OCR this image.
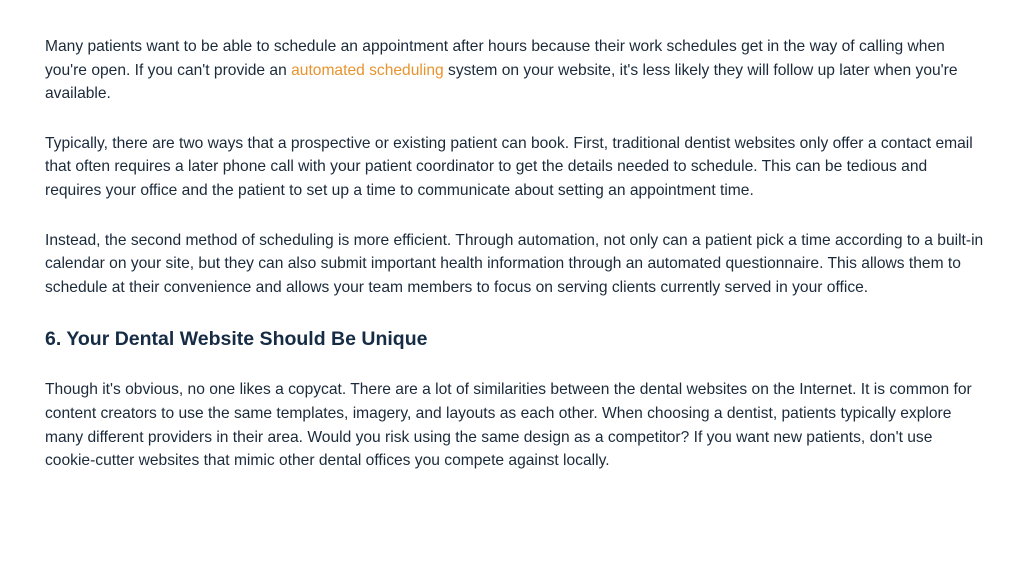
Many patients want to be able to schedule an appointment after hours because their work schedules get in the way of calling when you're open. If you can't provide an automated scheduling system on your website, it's less likely they will follow up later when you're available.

Typically, there are two ways that a prospective or existing patient can book. First, traditional dentist websites only offer a contact email that often requires a later phone call with your patient coordinator to get the details needed to schedule. This can be tedious and requires your office and the patient to set up a time to communicate about setting an appointment time.

Instead, the second method of scheduling is more efficient. Through automation, not only can a patient pick a time according to a built-in calendar on your site, but they can also submit important health information through an automated questionnaire. This allows them to schedule at their convenience and allows your team members to focus on serving clients currently served in your office.

6. Your Dental Website Should Be Unique

Though it's obvious, no one likes a copycat. There are a lot of similarities between the dental websites on the Internet. It is common for content creators to use the same templates, imagery, and layouts as each other. When choosing a dentist, patients typically explore many different providers in their area. Would you risk using the same design as a competitor? If you want new patients, don't use cookie-cutter websites that mimic other dental offices you compete against locally.
